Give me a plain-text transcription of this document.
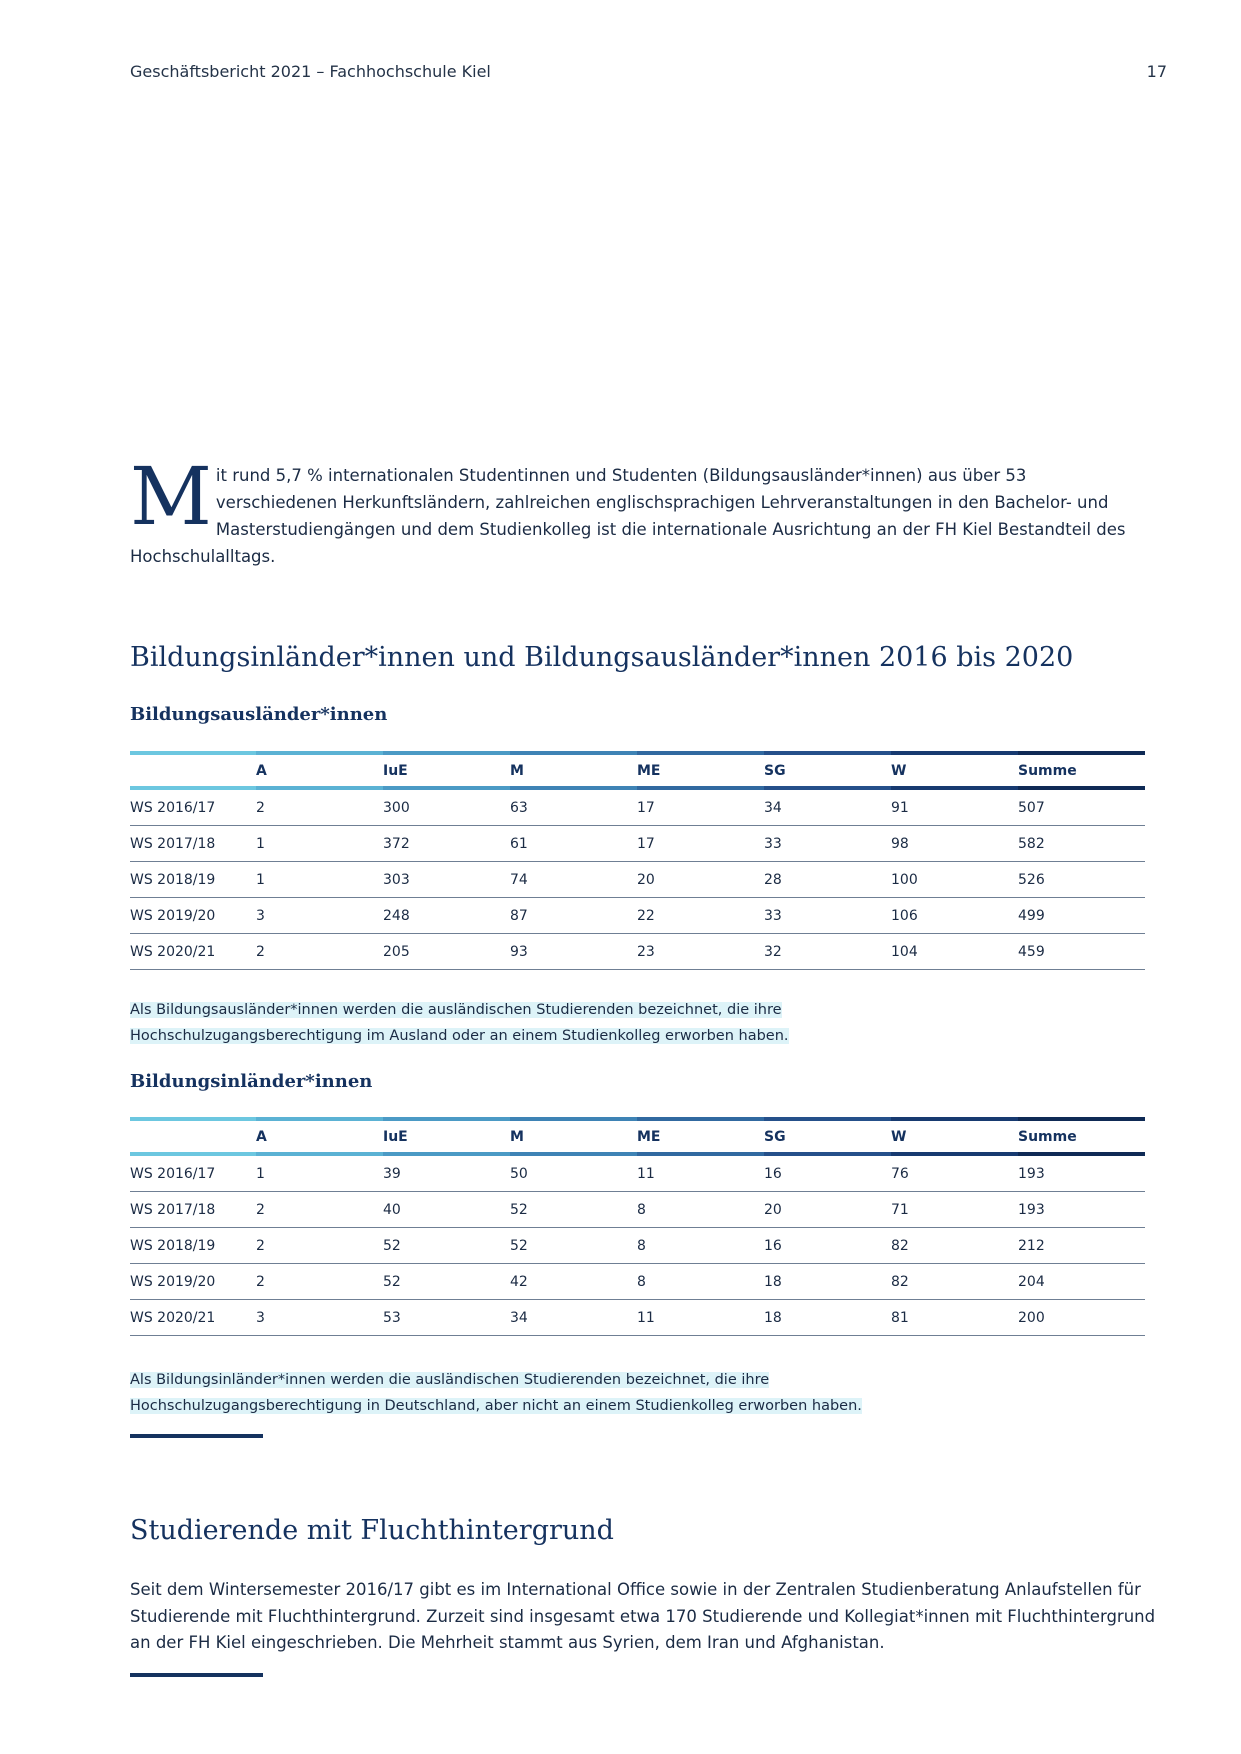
Geschäftsbericht 2021 – Fachhochschule Kiel	17
M it rund 5,7 % internationalen Studentinnen und Studenten (Bildungsausländer*innen) aus über 53 verschiedenen Herkunftsländern, zahlreichen englischsprachigen Lehrveranstaltungen in den Bachelor- und Masterstudiengängen und dem Studienkolleg ist die internationale Ausrichtung an der FH Kiel Bestandteil des Hochschulalltags.

Bildungsinländer*innen und Bildungsausländer*innen 2016 bis 2020
Bildungsausländer*innen
	A	IuE	M	ME	SG	W	Summe
WS 2016/17	2	300	63	17	34	91	507
WS 2017/18	1	372	61	17	33	98	582
WS 2018/19	1	303	74	20	28	100	526
WS 2019/20	3	248	87	22	33	106	499
WS 2020/21	2	205	93	23	32	104	459
Als Bildungsausländer*innen werden die ausländischen Studierenden bezeichnet, die ihre
Hochschulzugangsberechtigung im Ausland oder an einem Studienkolleg erworben haben.
Bildungsinländer*innen
	A	IuE	M	ME	SG	W	Summe
WS 2016/17	1	39	50	11	16	76	193
WS 2017/18	2	40	52	8	20	71	193
WS 2018/19	2	52	52	8	16	82	212
WS 2019/20	2	52	42	8	18	82	204
WS 2020/21	3	53	34	11	18	81	200
Als Bildungsinländer*innen werden die ausländischen Studierenden bezeichnet, die ihre
Hochschulzugangsberechtigung in Deutschland, aber nicht an einem Studienkolleg erworben haben.
Studierende mit Fluchthintergrund

Seit dem Wintersemester 2016/17 gibt es im International Office sowie in der Zentralen Studienberatung Anlaufstellen für Studierende mit Fluchthintergrund. Zurzeit sind insgesamt etwa 170 Studierende und Kollegiat*innen mit Fluchthintergrund an der FH Kiel eingeschrieben. Die Mehrheit stammt aus Syrien, dem Iran und Afghanistan.
